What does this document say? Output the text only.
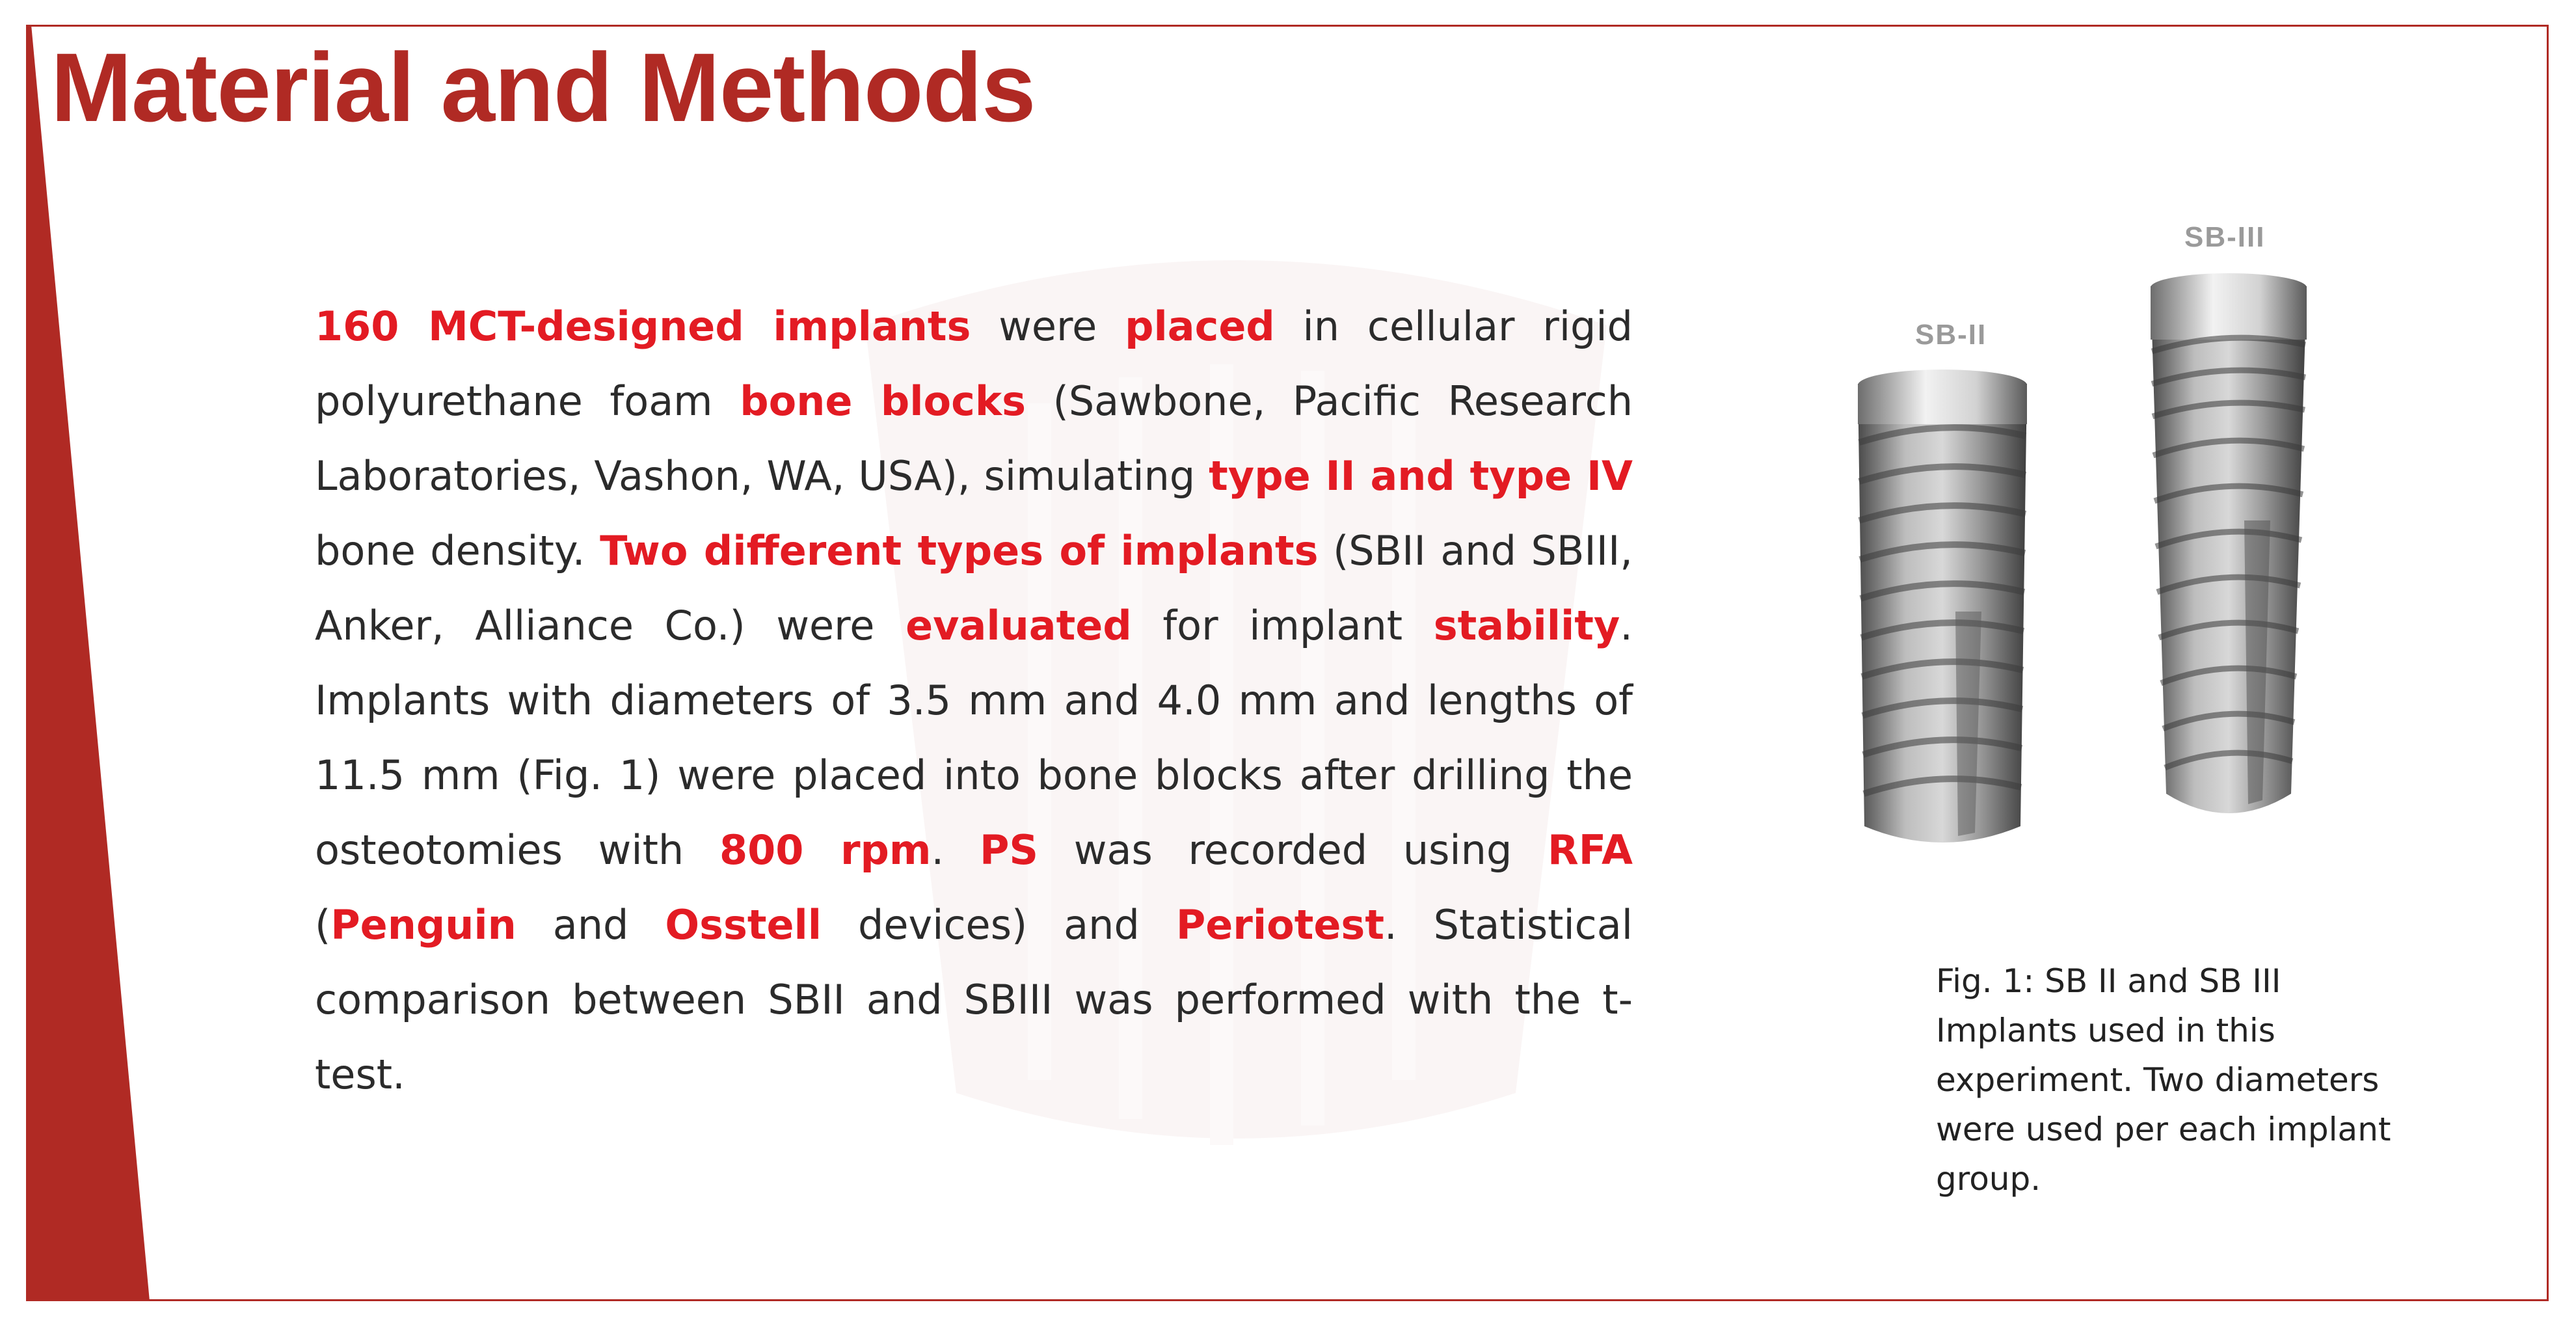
Material and Methods

160 MCT-designed implants were placed in cellular rigid polyurethane foam bone blocks (Sawbone, Pacific Research Laboratories, Vashon, WA, USA), simulating type II and type IV bone density. Two different types of implants (SBII and SBIII, Anker, Alliance Co.) were evaluated for implant stability. Implants with diameters of 3.5 mm and 4.0 mm and lengths of 11.5 mm (Fig. 1) were placed into bone blocks after drilling the osteotomies with 800 rpm. PS was recorded using RFA (Penguin and Osstell devices) and Periotest. Statistical comparison between SBII and SBIII was performed with the t-test.

SB-II
SB-III

Fig. 1: SB II and SB III Implants used in this experiment. Two diameters were used per each implant group.
